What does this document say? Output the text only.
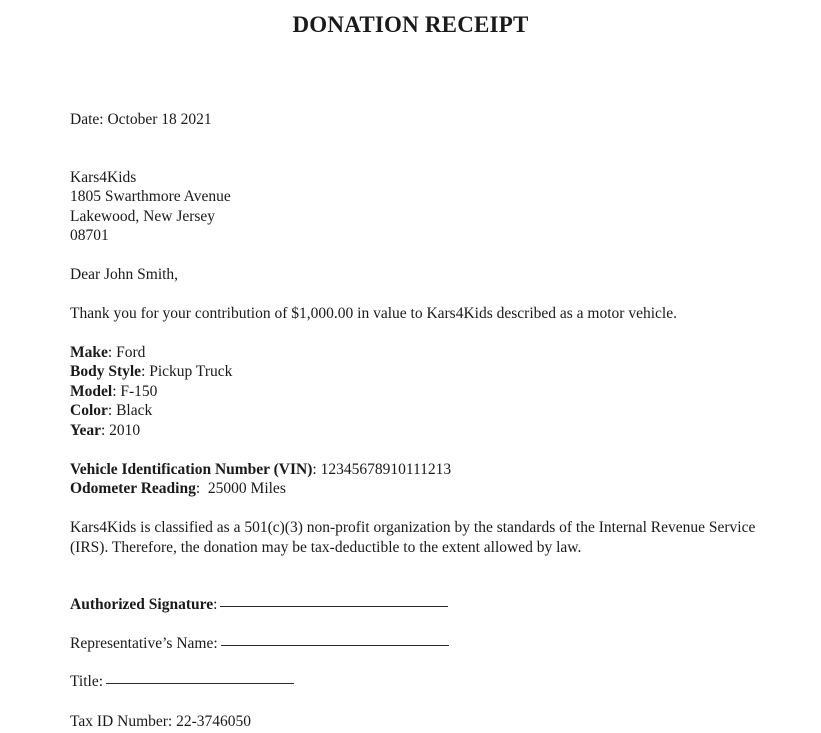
DONATION RECEIPT
Date: October 18 2021
Kars4Kids
1805 Swarthmore Avenue
Lakewood, New Jersey
08701
Dear John Smith,
Thank you for your contribution of $1,000.00 in value to Kars4Kids described as a motor vehicle.
Make: Ford
Body Style: Pickup Truck
Model: F-150
Color: Black
Year: 2010
Vehicle Identification Number (VIN): 12345678910111213
Odometer Reading:  25000 Miles
Kars4Kids is classified as a 501(c)(3) non-profit organization by the standards of the Internal Revenue Service (IRS). Therefore, the donation may be tax-deductible to the extent allowed by law.
Authorized Signature:
Representative’s Name:
Title:
Tax ID Number: 22-3746050
